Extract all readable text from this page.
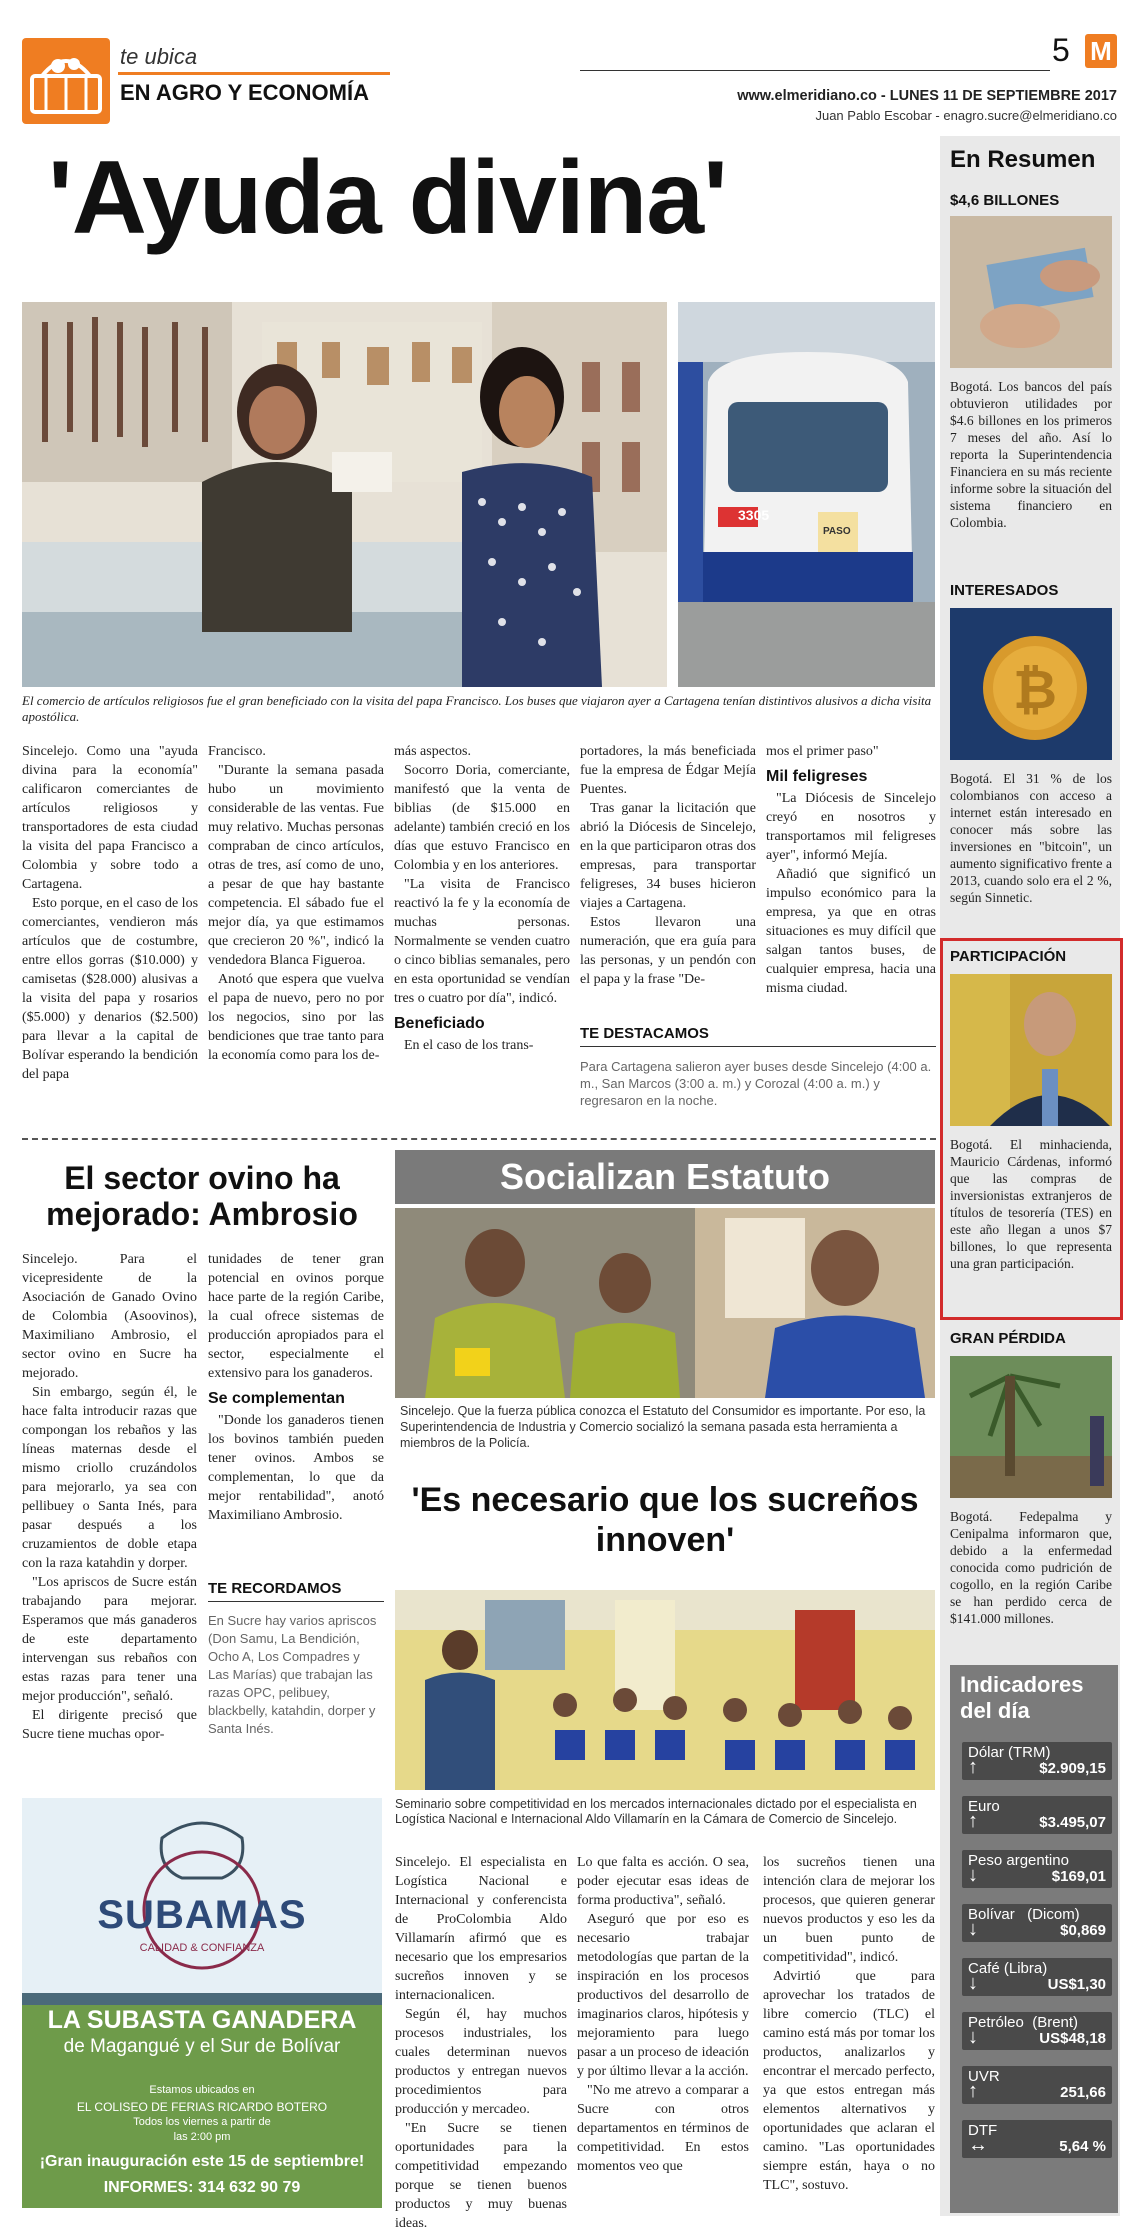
te ubica
EN AGRO Y ECONOMÍA
5 M
www.elmeridiano.co - LUNES 11 DE SEPTIEMBRE 2017
Juan Pablo Escobar - enagro.sucre@elmeridiano.co
'Ayuda divina'
3305
PASO
El comercio de artículos religiosos fue el gran beneficiado con la visita del papa Francisco. Los buses que viajaron ayer a Cartagena tenían distintivos alusivos a dicha visita apostólica.

Sincelejo. Como una "ayuda divina para la economía" calificaron comerciantes de artículos religiosos y transportadores de esta ciudad la visita del papa Francisco a Colombia y sobre todo a Cartagena.

Esto porque, en el caso de los comerciantes, vendieron más artículos que de costumbre, entre ellos gorras ($10.000) y camisetas ($28.000) alusivas a la visita del papa y rosarios ($5.000) y denarios ($2.500) para llevar a la capital de Bolívar esperando la bendición del papa

Francisco.

"Durante la semana pasada hubo un movimiento considerable de las ventas. Fue muy relativo. Muchas personas compraban de cinco artículos, otras de tres, así como de uno, a pesar de que hay bastante competencia. El sábado fue el mejor día, ya que estimamos que crecieron 20 %", indicó la vendedora Blanca Figueroa.

Anotó que espera que vuelva el papa de nuevo, pero no por los negocios, sino por las bendiciones que trae tanto para la economía como para los de-

más aspectos.

Socorro Doria, comerciante, manifestó que la venta de biblias (de $15.000 en adelante) también creció en los días que estuvo Francisco en Colombia y en los anteriores.

"La visita de Francisco reactivó la fe y la economía de muchas personas. Normalmente se venden cuatro o cinco biblias semanales, pero en esta oportunidad se vendían tres o cuatro por día", indicó.

Beneficiado

En el caso de los trans-

portadores, la más beneficiada fue la empresa de Édgar Mejía Puentes.

Tras ganar la licitación que abrió la Diócesis de Sincelejo, en la que participaron otras dos empresas, para transportar feligreses, 34 buses hicieron viajes a Cartagena.

Estos llevaron una numeración, que era guía para las personas, y un pendón con el papa y la frase "De-

mos el primer paso"

Mil feligreses

"La Diócesis de Sincelejo creyó en nosotros y transportamos mil feligreses ayer", informó Mejía.

Añadió que significó un impulso económico para la empresa, ya que en otras situaciones es muy difícil que salgan tantos buses, de cualquier empresa, hacia una misma ciudad.

TE DESTACAMOS
Para Cartagena salieron ayer buses desde Sincelejo (4:00 a. m., San Marcos (3:00 a. m.) y Corozal (4:00 a. m.) y regresaron en la noche.
El sector ovino ha mejorado: Ambrosio

Sincelejo. Para el vicepresidente de la Asociación de Ganado Ovino de Colombia (Asoovinos), Maximiliano Ambrosio, el sector ovino en Sucre ha mejorado.

Sin embargo, según él, le hace falta introducir razas que compongan los rebaños y las líneas maternas desde el mismo criollo cruzándolos para mejorarlo, ya sea con pellibuey o Santa Inés, para pasar después a los cruzamientos de doble etapa con la raza katahdin y dorper.

"Los apriscos de Sucre están trabajando para mejorar. Esperamos que más ganaderos de este departamento intervengan sus rebaños con estas razas para tener una mejor producción", señaló.

El dirigente precisó que Sucre tiene muchas opor-

tunidades de tener gran potencial en ovinos porque hace parte de la región Caribe, la cual ofrece sistemas de producción apropiados para el sector, especialmente el extensivo para los ganaderos.

Se complementan

"Donde los ganaderos tienen los bovinos también pueden tener ovinos. Ambos se complementan, lo que da mejor rentabilidad", anotó Maximiliano Ambrosio.

TE RECORDAMOS
En Sucre hay varios apriscos (Don Samu, La Bendición, Ocho A, Los Compadres y Las Marías) que trabajan las razas OPC, pelibuey, blackbelly, katahdin, dorper y Santa Inés.
Socializan Estatuto
Sincelejo. Que la fuerza pública conozca el Estatuto del Consumidor es importante. Por eso, la Superintendencia de Industria y Comercio socializó la semana pasada esta herramienta a miembros de la Policía.
'Es necesario que los sucreños innoven'
Seminario sobre competitividad en los mercados internacionales dictado por el especialista en Logística Nacional e Internacional Aldo Villamarín en la Cámara de Comercio de Sincelejo.

Sincelejo. El especialista en Logística Nacional e Internacional y conferencista de ProColombia Aldo Villamarín afirmó que es necesario que los empresarios sucreños innoven y se internacionalicen.

Según él, hay muchos procesos industriales, los cuales determinan nuevos productos y entregan nuevos procedimientos para producción y mercadeo.

"En Sucre se tienen oportunidades para la competitividad empezando porque se tienen buenos productos y muy buenas ideas.

Lo que falta es acción. O sea, poder ejecutar esas ideas de forma productiva", señaló.

Aseguró que por eso es necesario trabajar metodologías que partan de la inspiración en los procesos productivos del desarrollo de imaginarios claros, hipótesis y mejoramiento para luego pasar a un proceso de ideación y por último llevar a la acción.

"No me atrevo a comparar a Sucre con otros departamentos en términos de competitividad. En estos momentos veo que

los sucreños tienen una intención clara de mejorar los procesos, que quieren generar nuevos productos y eso les da un buen punto de competitividad", indicó.

Advirtió que para aprovechar los tratados de libre comercio (TLC) el camino está más por tomar los productos, analizarlos y encontrar el mercado perfecto, ya que estos entregan más elementos alternativos y oportunidades que aclaran el camino. "Las oportunidades siempre están, haya o no TLC", sostuvo.

SUBAMAS
CALIDAD & CONFIANZA
LA SUBASTA GANADERA
de Magangué y el Sur de Bolívar
Estamos ubicados en
EL COLISEO DE FERIAS RICARDO BOTERO
Todos los viernes a partir de
las 2:00 pm
¡Gran inauguración este 15 de septiembre!
INFORMES: 314 632 90 79
En Resumen
$4,6 BILLONES
Bogotá. Los bancos del país obtuvieron utilidades por $4.6 billones en los primeros 7 meses del año. Así lo reporta la Superintendencia Financiera en su más reciente informe sobre la situación del sistema financiero en Colombia.
INTERESADOS
₿
Bogotá. El 31 % de los colombianos con acceso a internet están interesado en conocer más sobre las inversiones en "bitcoin", un aumento significativo frente a 2013, cuando solo era el 2 %, según Sinnetic.
PARTICIPACIÓN
Bogotá. El minhacienda, Mauricio Cárdenas, informó que las compras de inversionistas extranjeros de títulos de tesorería (TES) en este año llegan a unos $7 billones, lo que representa una gran participación.
GRAN PÉRDIDA
Bogotá. Fedepalma y Cenipalma informaron que, debido a la enfermedad conocida como pudrición de cogollo, en la región Caribe se han perdido cerca de $141.000 millones.
Indicadores del día
Dólar (TRM)
↑	$2.909,15
Euro
↑	$3.495,07
Peso argentino
↓	$169,01
Bolívar   (Dicom)
↓	$0,869
Café (Libra)
↓	US$1,30
Petróleo  (Brent)
↓	US$48,18
UVR
↑	251,66
DTF
↔	5,64 %
